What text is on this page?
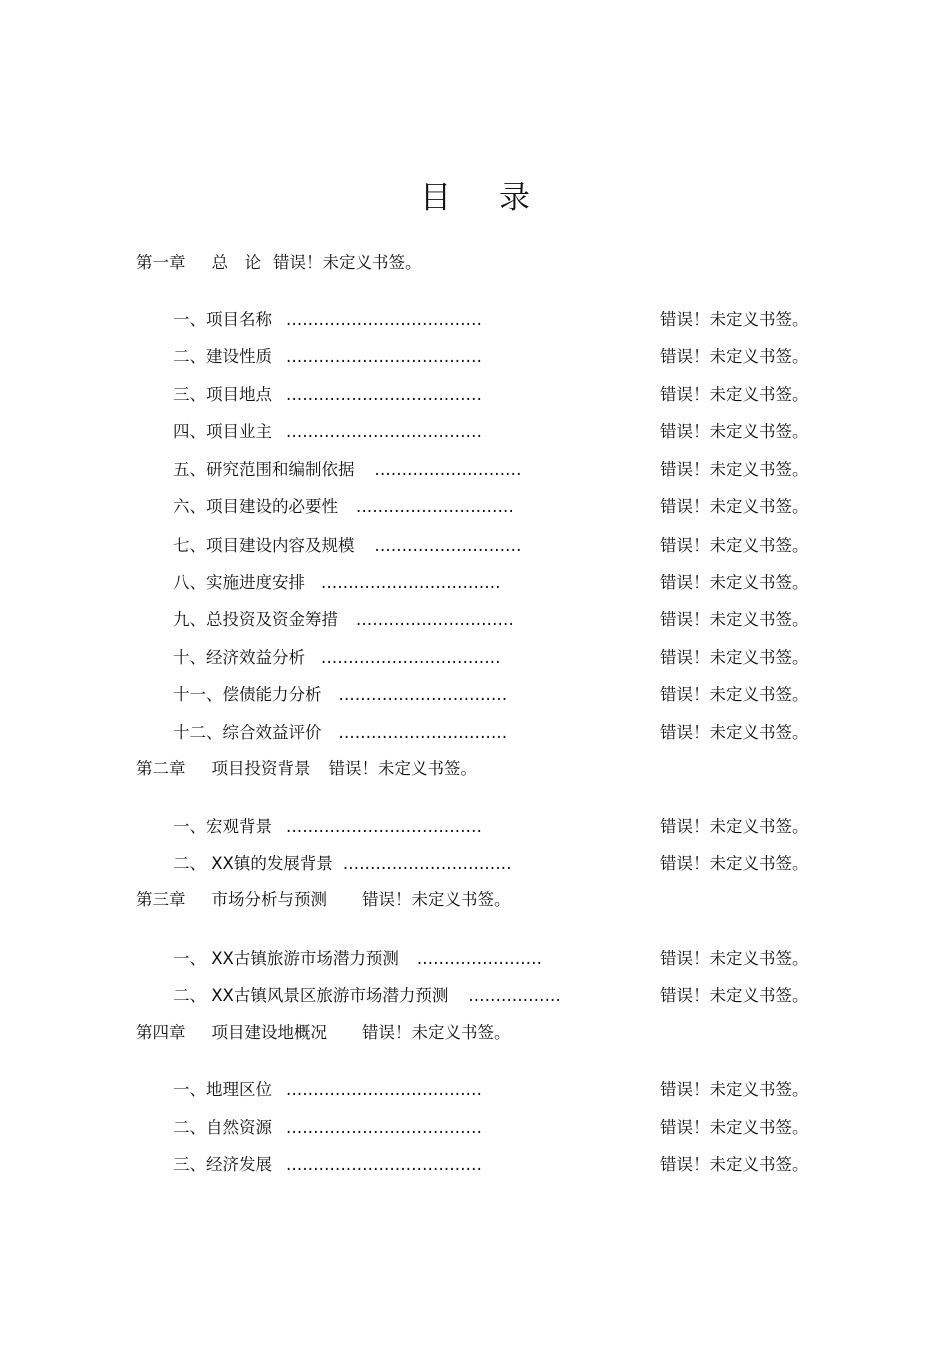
目 录
第一章 总　论 错误！未定义书签。
一、项目名称 ....................................	错误！未定义书签。
二、建设性质 ....................................	错误！未定义书签。
三、项目地点 ....................................	错误！未定义书签。
四、项目业主 ....................................	错误！未定义书签。
五、研究范围和编制依据 ...........................	错误！未定义书签。
六、项目建设的必要性 .............................	错误！未定义书签。
七、项目建设内容及规模 ...........................	错误！未定义书签。
八、实施进度安排 .................................	错误！未定义书签。
九、总投资及资金筹措 .............................	错误！未定义书签。
十、经济效益分析 .................................	错误！未定义书签。
十一、偿债能力分析 ...............................	错误！未定义书签。
十二、综合效益评价 ...............................	错误！未定义书签。
第二章 项目投资背景 错误！未定义书签。
一、宏观背景 ....................................	错误！未定义书签。
二、 XX镇的发展背景 ...............................	错误！未定义书签。
第三章 市场分析与预测 错误！未定义书签。
一、 XX古镇旅游市场潜力预测 .......................	错误！未定义书签。
二、 XX古镇风景区旅游市场潜力预测 .................	错误！未定义书签。
第四章 项目建设地概况 错误！未定义书签。
一、地理区位 ....................................	错误！未定义书签。
二、自然资源 ....................................	错误！未定义书签。
三、经济发展 ....................................	错误！未定义书签。
